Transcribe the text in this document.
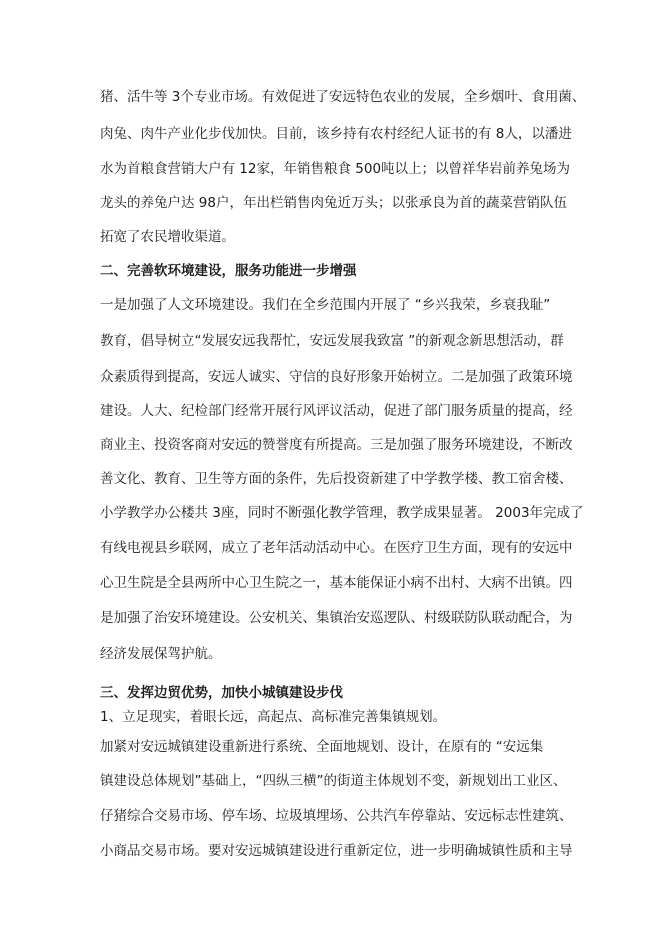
猪、活牛等 3个专业市场。有效促进了安远特色农业的发展，全乡烟叶、食用菌、

肉兔、肉牛产业化步伐加快。目前，该乡持有农村经纪人证书的有 8人，以潘进

水为首粮食营销大户有 12家，年销售粮食 500吨以上；以曾祥华岩前养兔场为

龙头的养兔户达 98户，年出栏销售肉兔近万头；以张承良为首的蔬菜营销队伍

拓宽了农民增收渠道。

二、完善软环境建设，服务功能进一步增强

一是加强了人文环境建设。我们在全乡范围内开展了 “乡兴我荣，乡衰我耻”

教育，倡导树立“发展安远我帮忙，安远发展我致富 ”的新观念新思想活动，群

众素质得到提高，安远人诚实、守信的良好形象开始树立。二是加强了政策环境

建设。人大、纪检部门经常开展行风评议活动，促进了部门服务质量的提高，经

商业主、投资客商对安远的赞誉度有所提高。三是加强了服务环境建设，不断改

善文化、教育、卫生等方面的条件，先后投资新建了中学教学楼、教工宿舍楼、

小学教学办公楼共 3座，同时不断强化教学管理，教学成果显著。 2003年完成了

有线电视县乡联网，成立了老年活动活动中心。在医疗卫生方面，现有的安远中

心卫生院是全县两所中心卫生院之一，基本能保证小病不出村、大病不出镇。四

是加强了治安环境建设。公安机关、集镇治安巡逻队、村级联防队联动配合，为

经济发展保驾护航。

三、发挥边贸优势，加快小城镇建设步伐

1、立足现实，着眼长远，高起点、高标准完善集镇规划。

加紧对安远城镇建设重新进行系统、全面地规划、设计，在原有的 “安远集

镇建设总体规划”基础上，“四纵三横”的街道主体规划不变，新规划出工业区、

仔猪综合交易市场、停车场、垃圾填埋场、公共汽车停靠站、安远标志性建筑、

小商品交易市场。要对安远城镇建设进行重新定位，进一步明确城镇性质和主导
